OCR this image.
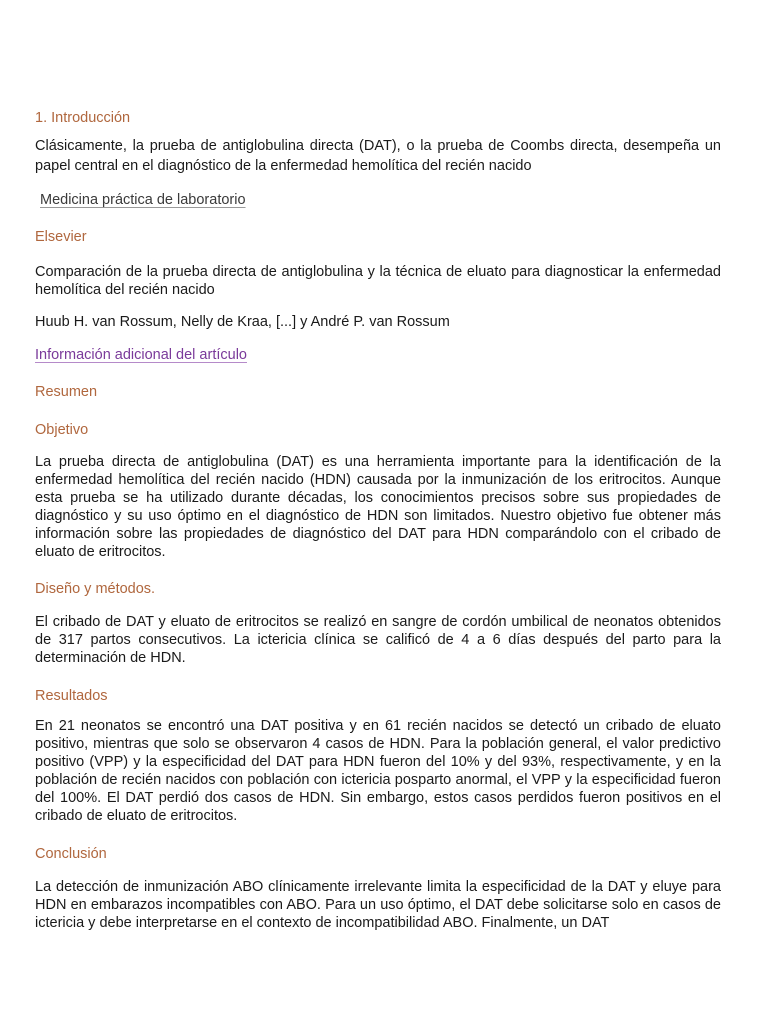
1. Introducción

Clásicamente, la prueba de antiglobulina directa (DAT), o la prueba de Coombs directa, desempeña un papel central en el diagnóstico de la enfermedad hemolítica del recién nacido

Medicina práctica de laboratorio
Elsevier

Comparación de la prueba directa de antiglobulina y la técnica de eluato para diagnosticar la enfermedad hemolítica del recién nacido

Huub H. van Rossum, Nelly de Kraa, [...] y André P. van Rossum

Información adicional del artículo
Resumen
Objetivo

La prueba directa de antiglobulina (DAT) es una herramienta importante para la identificación de la enfermedad hemolítica del recién nacido (HDN) causada por la inmunización de los eritrocitos. Aunque esta prueba se ha utilizado durante décadas, los conocimientos precisos sobre sus propiedades de diagnóstico y su uso óptimo en el diagnóstico de HDN son limitados. Nuestro objetivo fue obtener más información sobre las propiedades de diagnóstico del DAT para HDN comparándolo con el cribado de eluato de eritrocitos.

Diseño y métodos.

El cribado de DAT y eluato de eritrocitos se realizó en sangre de cordón umbilical de neonatos obtenidos de 317 partos consecutivos. La ictericia clínica se calificó de 4 a 6 días después del parto para la determinación de HDN.

Resultados

En 21 neonatos se encontró una DAT positiva y en 61 recién nacidos se detectó un cribado de eluato positivo, mientras que solo se observaron 4 casos de HDN. Para la población general, el valor predictivo positivo (VPP) y la especificidad del DAT para HDN fueron del 10% y del 93%, respectivamente, y en la población de recién nacidos con población con ictericia posparto anormal, el VPP y la especificidad fueron del 100%. El DAT perdió dos casos de HDN. Sin embargo, estos casos perdidos fueron positivos en el cribado de eluato de eritrocitos.

Conclusión

La detección de inmunización ABO clínicamente irrelevante limita la especificidad de la DAT y eluye para HDN en embarazos incompatibles con ABO. Para un uso óptimo, el DAT debe solicitarse solo en casos de ictericia y debe interpretarse en el contexto de incompatibilidad ABO. Finalmente, un DAT
